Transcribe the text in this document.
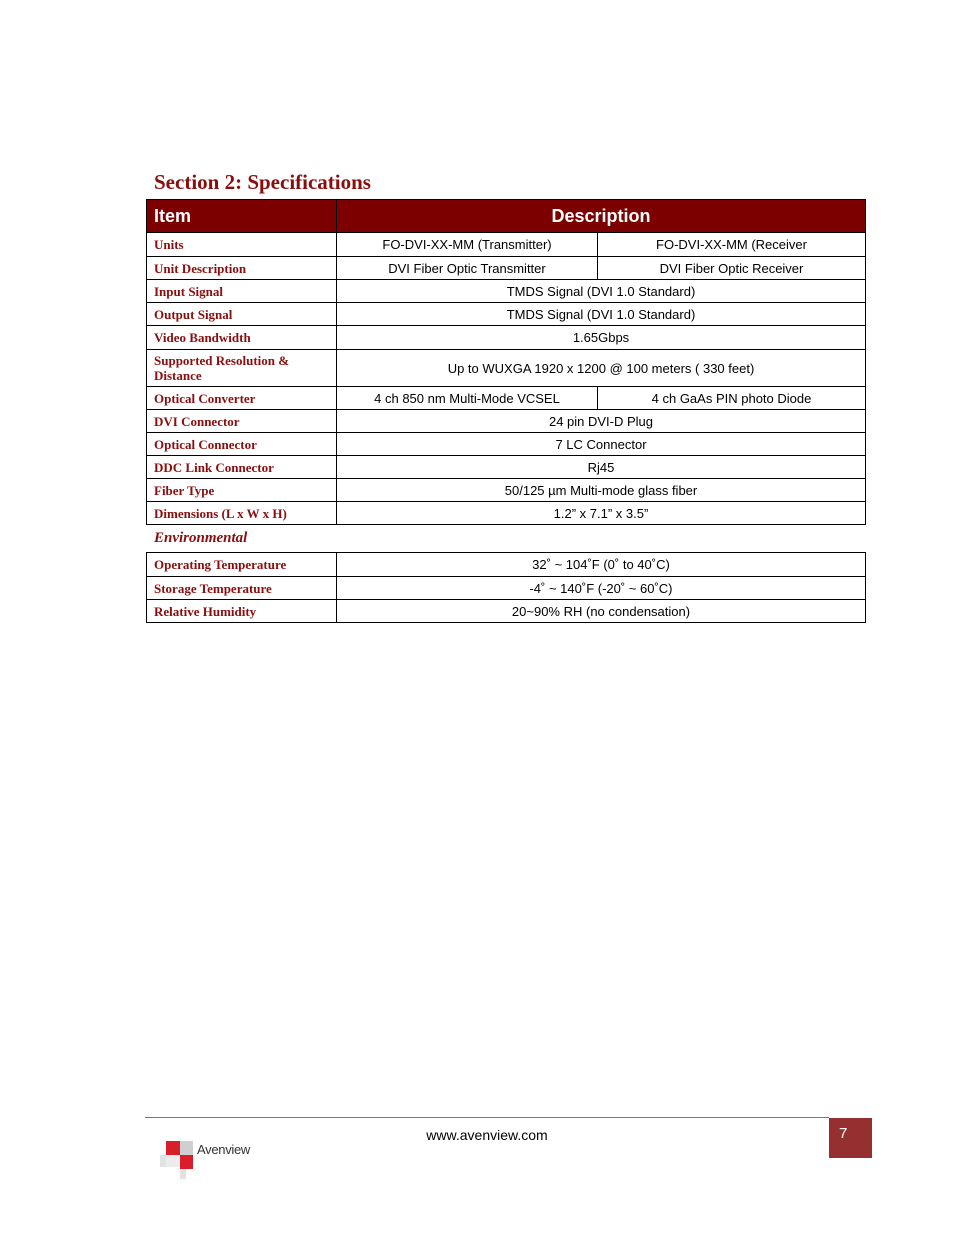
Section 2: Specifications
Item	Description	
Units	FO-DVI-XX-MM (Transmitter)	FO-DVI-XX-MM (Receiver
Unit Description	DVI Fiber Optic Transmitter	DVI Fiber Optic Receiver
Input Signal	TMDS Signal (DVI 1.0 Standard)	
Output Signal	TMDS Signal (DVI 1.0 Standard)	
Video Bandwidth	1.65Gbps	
Supported Resolution & Distance	Up to WUXGA 1920 x 1200 @ 100 meters ( 330 feet)	
Optical Converter	4 ch 850 nm Multi-Mode VCSEL	4 ch GaAs PIN photo Diode
DVI Connector	24 pin DVI-D Plug	
Optical Connector	7 LC Connector	
DDC Link Connector	Rj45	
Fiber Type	50/125 µm Multi-mode glass fiber	
Dimensions (L x W x H)	1.2” x 7.1” x 3.5”	
Environmental
Operating Temperature	32˚ ~ 104˚F (0˚ to 40˚C)
Storage Temperature	-4˚ ~ 140˚F (-20˚ ~ 60˚C)
Relative Humidity	20~90% RH (no condensation)
www.avenview.com	7
Avenview
